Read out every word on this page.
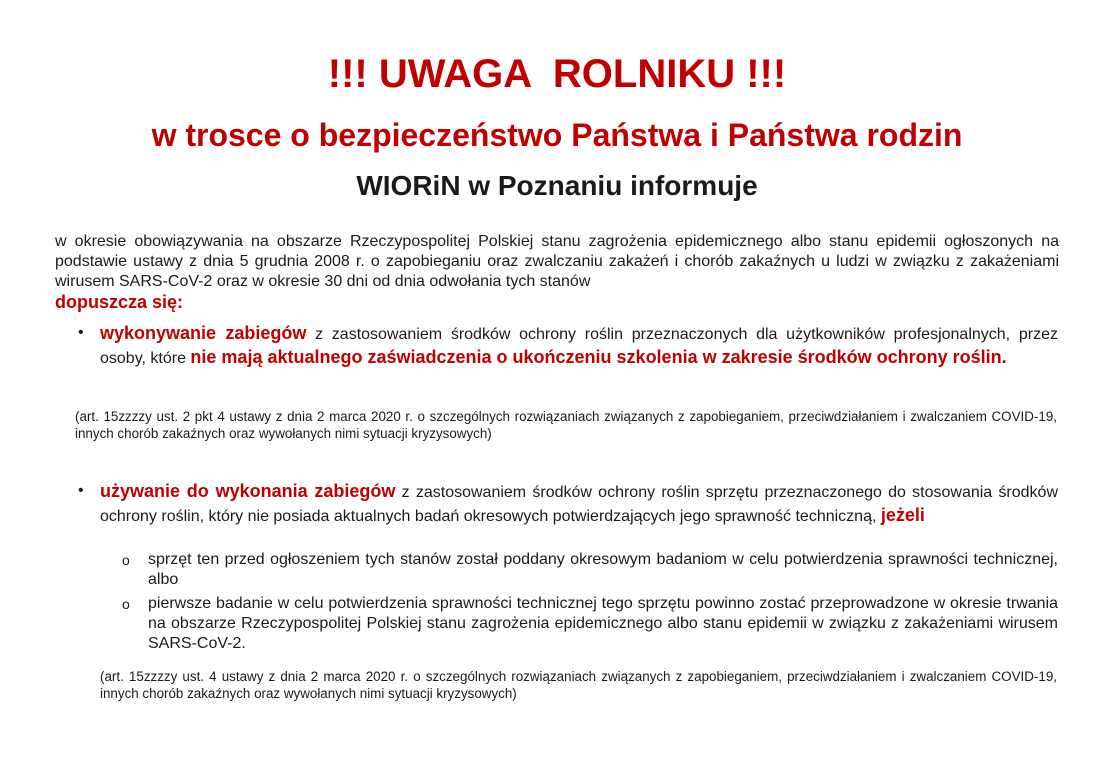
!!! UWAGA  ROLNIKU !!!
w trosce o bezpieczeństwo Państwa i Państwa rodzin
WIORiN w Poznaniu informuje
w okresie obowiązywania na obszarze Rzeczypospolitej Polskiej stanu zagrożenia epidemicznego albo stanu epidemii ogłoszonych na podstawie ustawy z dnia 5 grudnia 2008 r. o zapobieganiu oraz zwalczaniu zakażeń i chorób zakaźnych u ludzi w związku z zakażeniami wirusem SARS-CoV-2 oraz w okresie 30 dni od dnia odwołania tych stanów
dopuszcza się:
• wykonywanie zabiegów z zastosowaniem środków ochrony roślin przeznaczonych dla użytkowników profesjonalnych, przez osoby, które nie mają aktualnego zaświadczenia o ukończeniu szkolenia w zakresie środków ochrony roślin.
(art. 15zzzzy ust. 2 pkt 4 ustawy z dnia 2 marca 2020 r. o szczególnych rozwiązaniach związanych z zapobieganiem, przeciwdziałaniem i zwalczaniem COVID-19, innych chorób zakaźnych oraz wywołanych nimi sytuacji kryzysowych)
• używanie do wykonania zabiegów z zastosowaniem środków ochrony roślin sprzętu przeznaczonego do stosowania środków ochrony roślin, który nie posiada aktualnych badań okresowych potwierdzających jego sprawność techniczną, jeżeli
o sprzęt ten przed ogłoszeniem tych stanów został poddany okresowym badaniom w celu potwierdzenia sprawności technicznej, albo
o pierwsze badanie w celu potwierdzenia sprawności technicznej tego sprzętu powinno zostać przeprowadzone w okresie trwania na obszarze Rzeczypospolitej Polskiej stanu zagrożenia epidemicznego albo stanu epidemii w związku z zakażeniami wirusem SARS-CoV-2.
(art. 15zzzzy ust. 4 ustawy z dnia 2 marca 2020 r. o szczególnych rozwiązaniach związanych z zapobieganiem, przeciwdziałaniem i zwalczaniem COVID-19, innych chorób zakaźnych oraz wywołanych nimi sytuacji kryzysowych)
